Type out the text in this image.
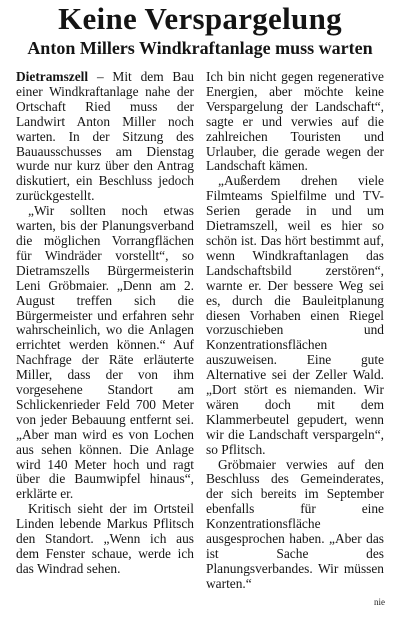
Keine Verspargelung
Anton Millers Windkraftanlage muss warten

Dietramszell – Mit dem Bau einer Windkraftanlage nahe der Ortschaft Ried muss der Landwirt Anton Miller noch warten. In der Sitzung des Bauausschusses am Dienstag wurde nur kurz über den Antrag diskutiert, ein Beschluss jedoch zurückgestellt.

„Wir sollten noch etwas warten, bis der Planungsverband die möglichen Vorrangflächen für Windräder vorstellt“, so Dietramszells Bürgermeisterin Leni Gröbmaier. „Denn am 2. August treffen sich die Bürgermeister und erfahren sehr wahrscheinlich, wo die Anlagen errichtet werden können.“ Auf Nachfrage der Räte erläuterte Miller, dass der von ihm vorgesehene Standort am Schlickenrieder Feld 700 Meter von jeder Bebauung entfernt sei. „Aber man wird es von Lochen aus sehen können. Die Anlage wird 140 Meter hoch und ragt über die Baumwipfel hinaus“, erklärte er.

Kritisch sieht der im Ortsteil Linden lebende Markus Pflitsch den Standort. „Wenn ich aus dem Fenster schaue, werde ich das Windrad sehen.

Ich bin nicht gegen regenerative Energien, aber möchte keine Verspargelung der Landschaft“, sagte er und verwies auf die zahlreichen Touristen und Urlauber, die gerade wegen der Landschaft kämen.

„Außerdem drehen viele Filmteams Spielfilme und TV-Serien gerade in und um Dietramszell, weil es hier so schön ist. Das hört bestimmt auf, wenn Windkraftanlagen das Landschaftsbild zerstören“, warnte er. Der bessere Weg sei es, durch die Bauleitplanung diesen Vorhaben einen Riegel vorzuschieben und Konzentrationsflächen auszuweisen. Eine gute Alternative sei der Zeller Wald. „Dort stört es niemanden. Wir wären doch mit dem Klammerbeutel gepudert, wenn wir die Landschaft verspargeln“, so Pflitsch.

Gröbmaier verwies auf den Beschluss des Gemeinderates, der sich bereits im September ebenfalls für eine Konzentrationsfläche ausgesprochen haben. „Aber das ist Sache des Planungsverbandes. Wir müssen warten.“

nie
